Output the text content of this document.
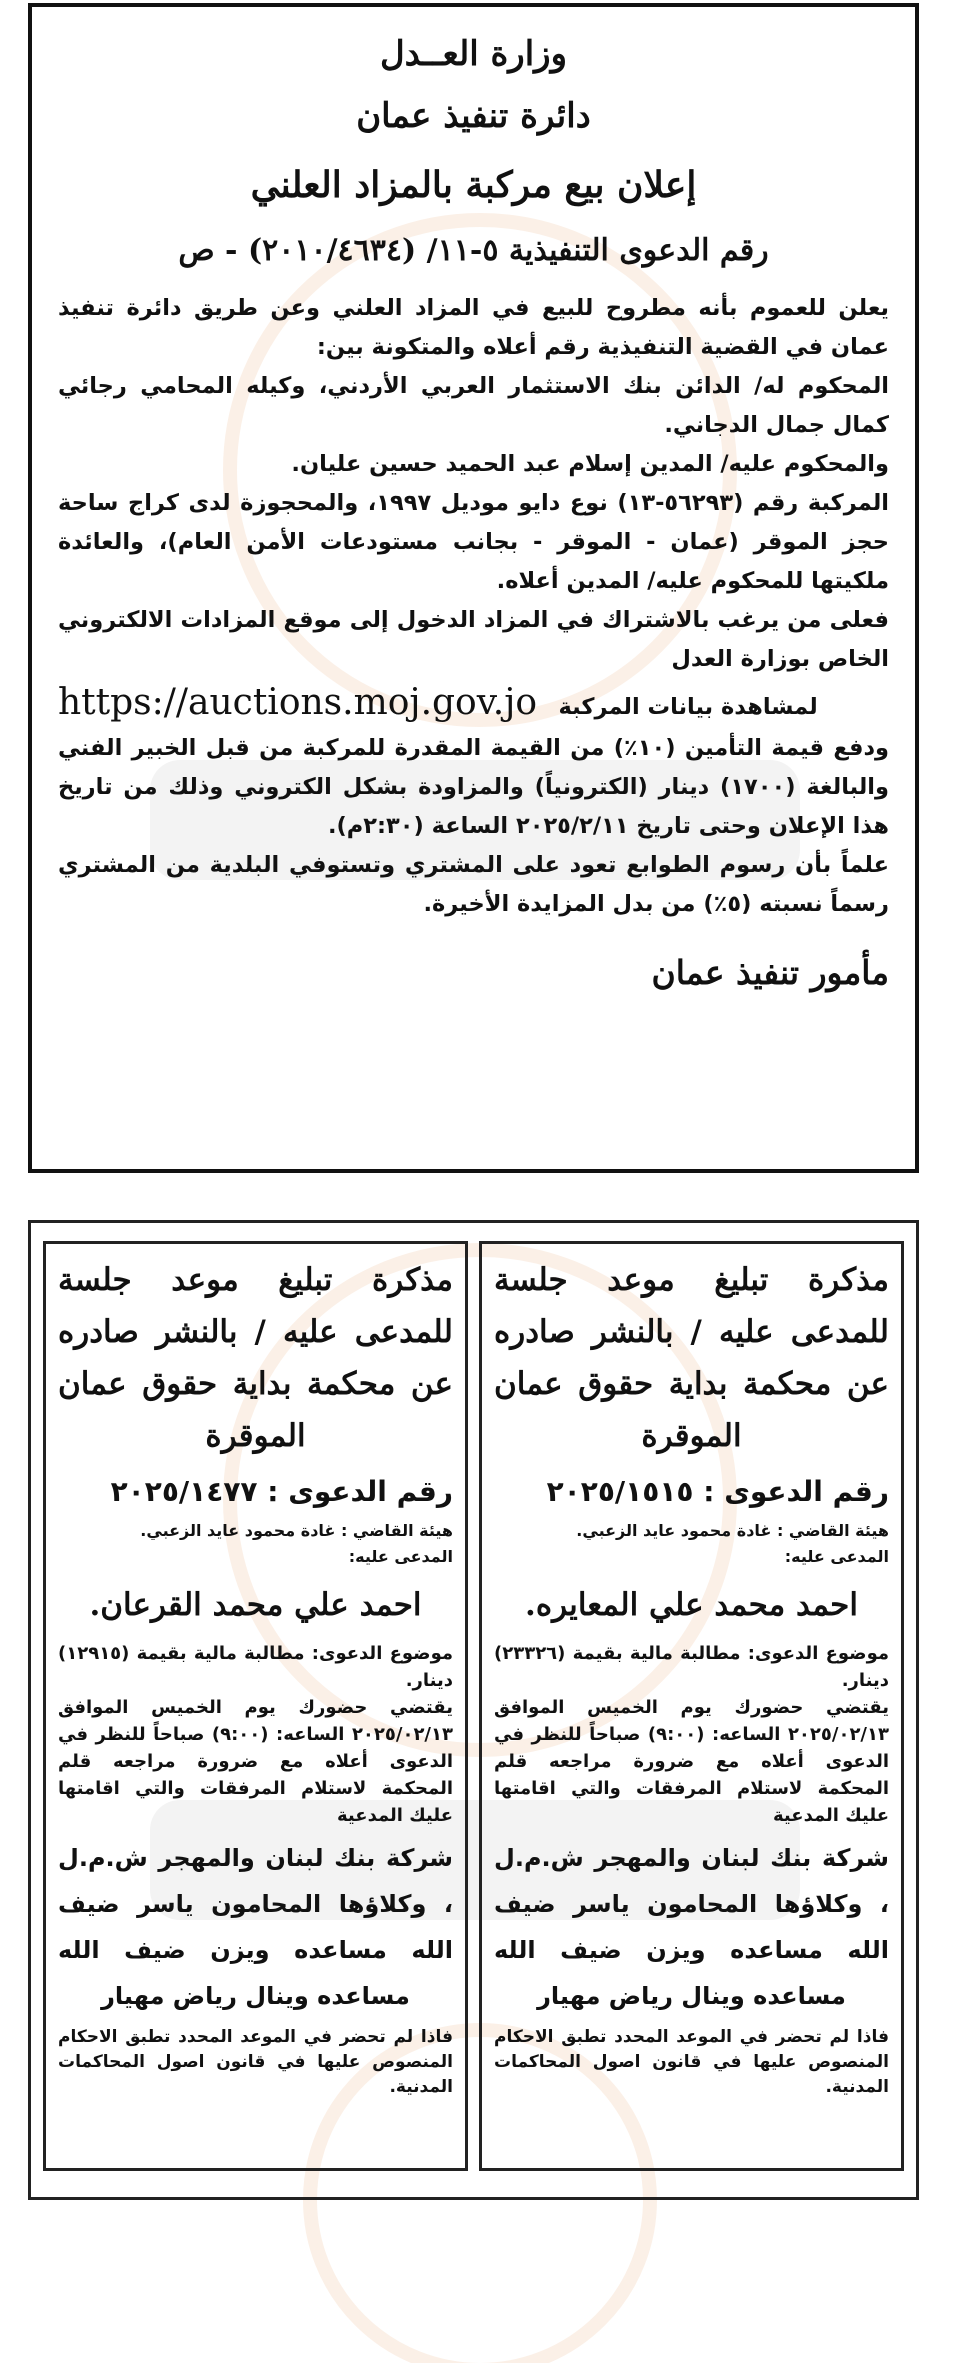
وزارة العــدل
دائرة تنفيذ عمان
إعلان بيع مركبة بالمزاد العلني
رقم الدعوى التنفيذية ٥-١١/ (٢٠١٠/٤٦٣٤) - ص

يعلن للعموم بأنه مطروح للبيع في المزاد العلني وعن طريق دائرة تنفيذ عمان في القضية التنفيذية رقم أعلاه والمتكونة بين:

المحكوم له/ الدائن بنك الاستثمار العربي الأردني، وكيله المحامي رجائي كمال جمال الدجاني.

والمحكوم عليه/ المدين إسلام عبد الحميد حسين عليان.

المركبة رقم (٥٦٢٩٣-١٣) نوع دايو موديل ١٩٩٧، والمحجوزة لدى كراج ساحة حجز الموقر (عمان - الموقر - بجانب مستودعات الأمن العام)، والعائدة ملكيتها للمحكوم عليه/ المدين أعلاه.

فعلى من يرغب بالاشتراك في المزاد الدخول إلى موقع المزادات الالكتروني الخاص بوزارة العدل

https://auctions.moj.gov.jo لمشاهدة بيانات المركبة

ودفع قيمة التأمين (١٠٪) من القيمة المقدرة للمركبة من قبل الخبير الفني والبالغة (١٧٠٠) دينار (الكترونياً) والمزاودة بشكل الكتروني وذلك من تاريخ هذا الإعلان وحتى تاريخ ٢٠٢٥/٢/١١ الساعة (٢:٣٠م).

علماً بأن رسوم الطوابع تعود على المشتري وتستوفي البلدية من المشتري رسماً نسبته (٥٪) من بدل المزايدة الأخيرة.

مأمور تنفيذ عمان

مذكرة تبليغ موعد جلسة للمدعى عليه / بالنشر صادره عن محكمة بداية حقوق عمان الموقرة

رقم الدعوى : ٢٠٢٥/١٥١٥

هيئة القاضي : غادة محمود عايد الزعبي.

المدعى عليه:

احمد محمد علي المعايره.

موضوع الدعوى: مطالبة مالية بقيمة (٢٣٣٢٦) دينار.

يقتضي حضورك يوم الخميس الموافق ٢٠٢٥/٠٢/١٣ الساعه: (٩:٠٠) صباحاً للنظر في الدعوى أعلاه مع ضرورة مراجعه قلم المحكمة لاستلام المرفقات والتي اقامتها عليك المدعية

شركة بنك لبنان والمهجر ش.م.ل ، وكلاؤها المحامون ياسر ضيف الله مساعده ويزن ضيف الله مساعده وينال رياض مهيار

فاذا لم تحضر في الموعد المحدد تطبق الاحكام المنصوص عليها في قانون اصول المحاكمات المدنية.

مذكرة تبليغ موعد جلسة للمدعى عليه / بالنشر صادره عن محكمة بداية حقوق عمان الموقرة

رقم الدعوى : ٢٠٢٥/١٤٧٧

هيئة القاضي : غادة محمود عايد الزعبي.

المدعى عليه:

احمد علي محمد القرعان.

موضوع الدعوى: مطالبة مالية بقيمة (١٢٩١٥) دينار.

يقتضي حضورك يوم الخميس الموافق ٢٠٢٥/٠٢/١٣ الساعه: (٩:٠٠) صباحاً للنظر في الدعوى أعلاه مع ضرورة مراجعه قلم المحكمة لاستلام المرفقات والتي اقامتها عليك المدعية

شركة بنك لبنان والمهجر ش.م.ل ، وكلاؤها المحامون ياسر ضيف الله مساعده ويزن ضيف الله مساعده وينال رياض مهيار

فاذا لم تحضر في الموعد المحدد تطبق الاحكام المنصوص عليها في قانون اصول المحاكمات المدنية.
